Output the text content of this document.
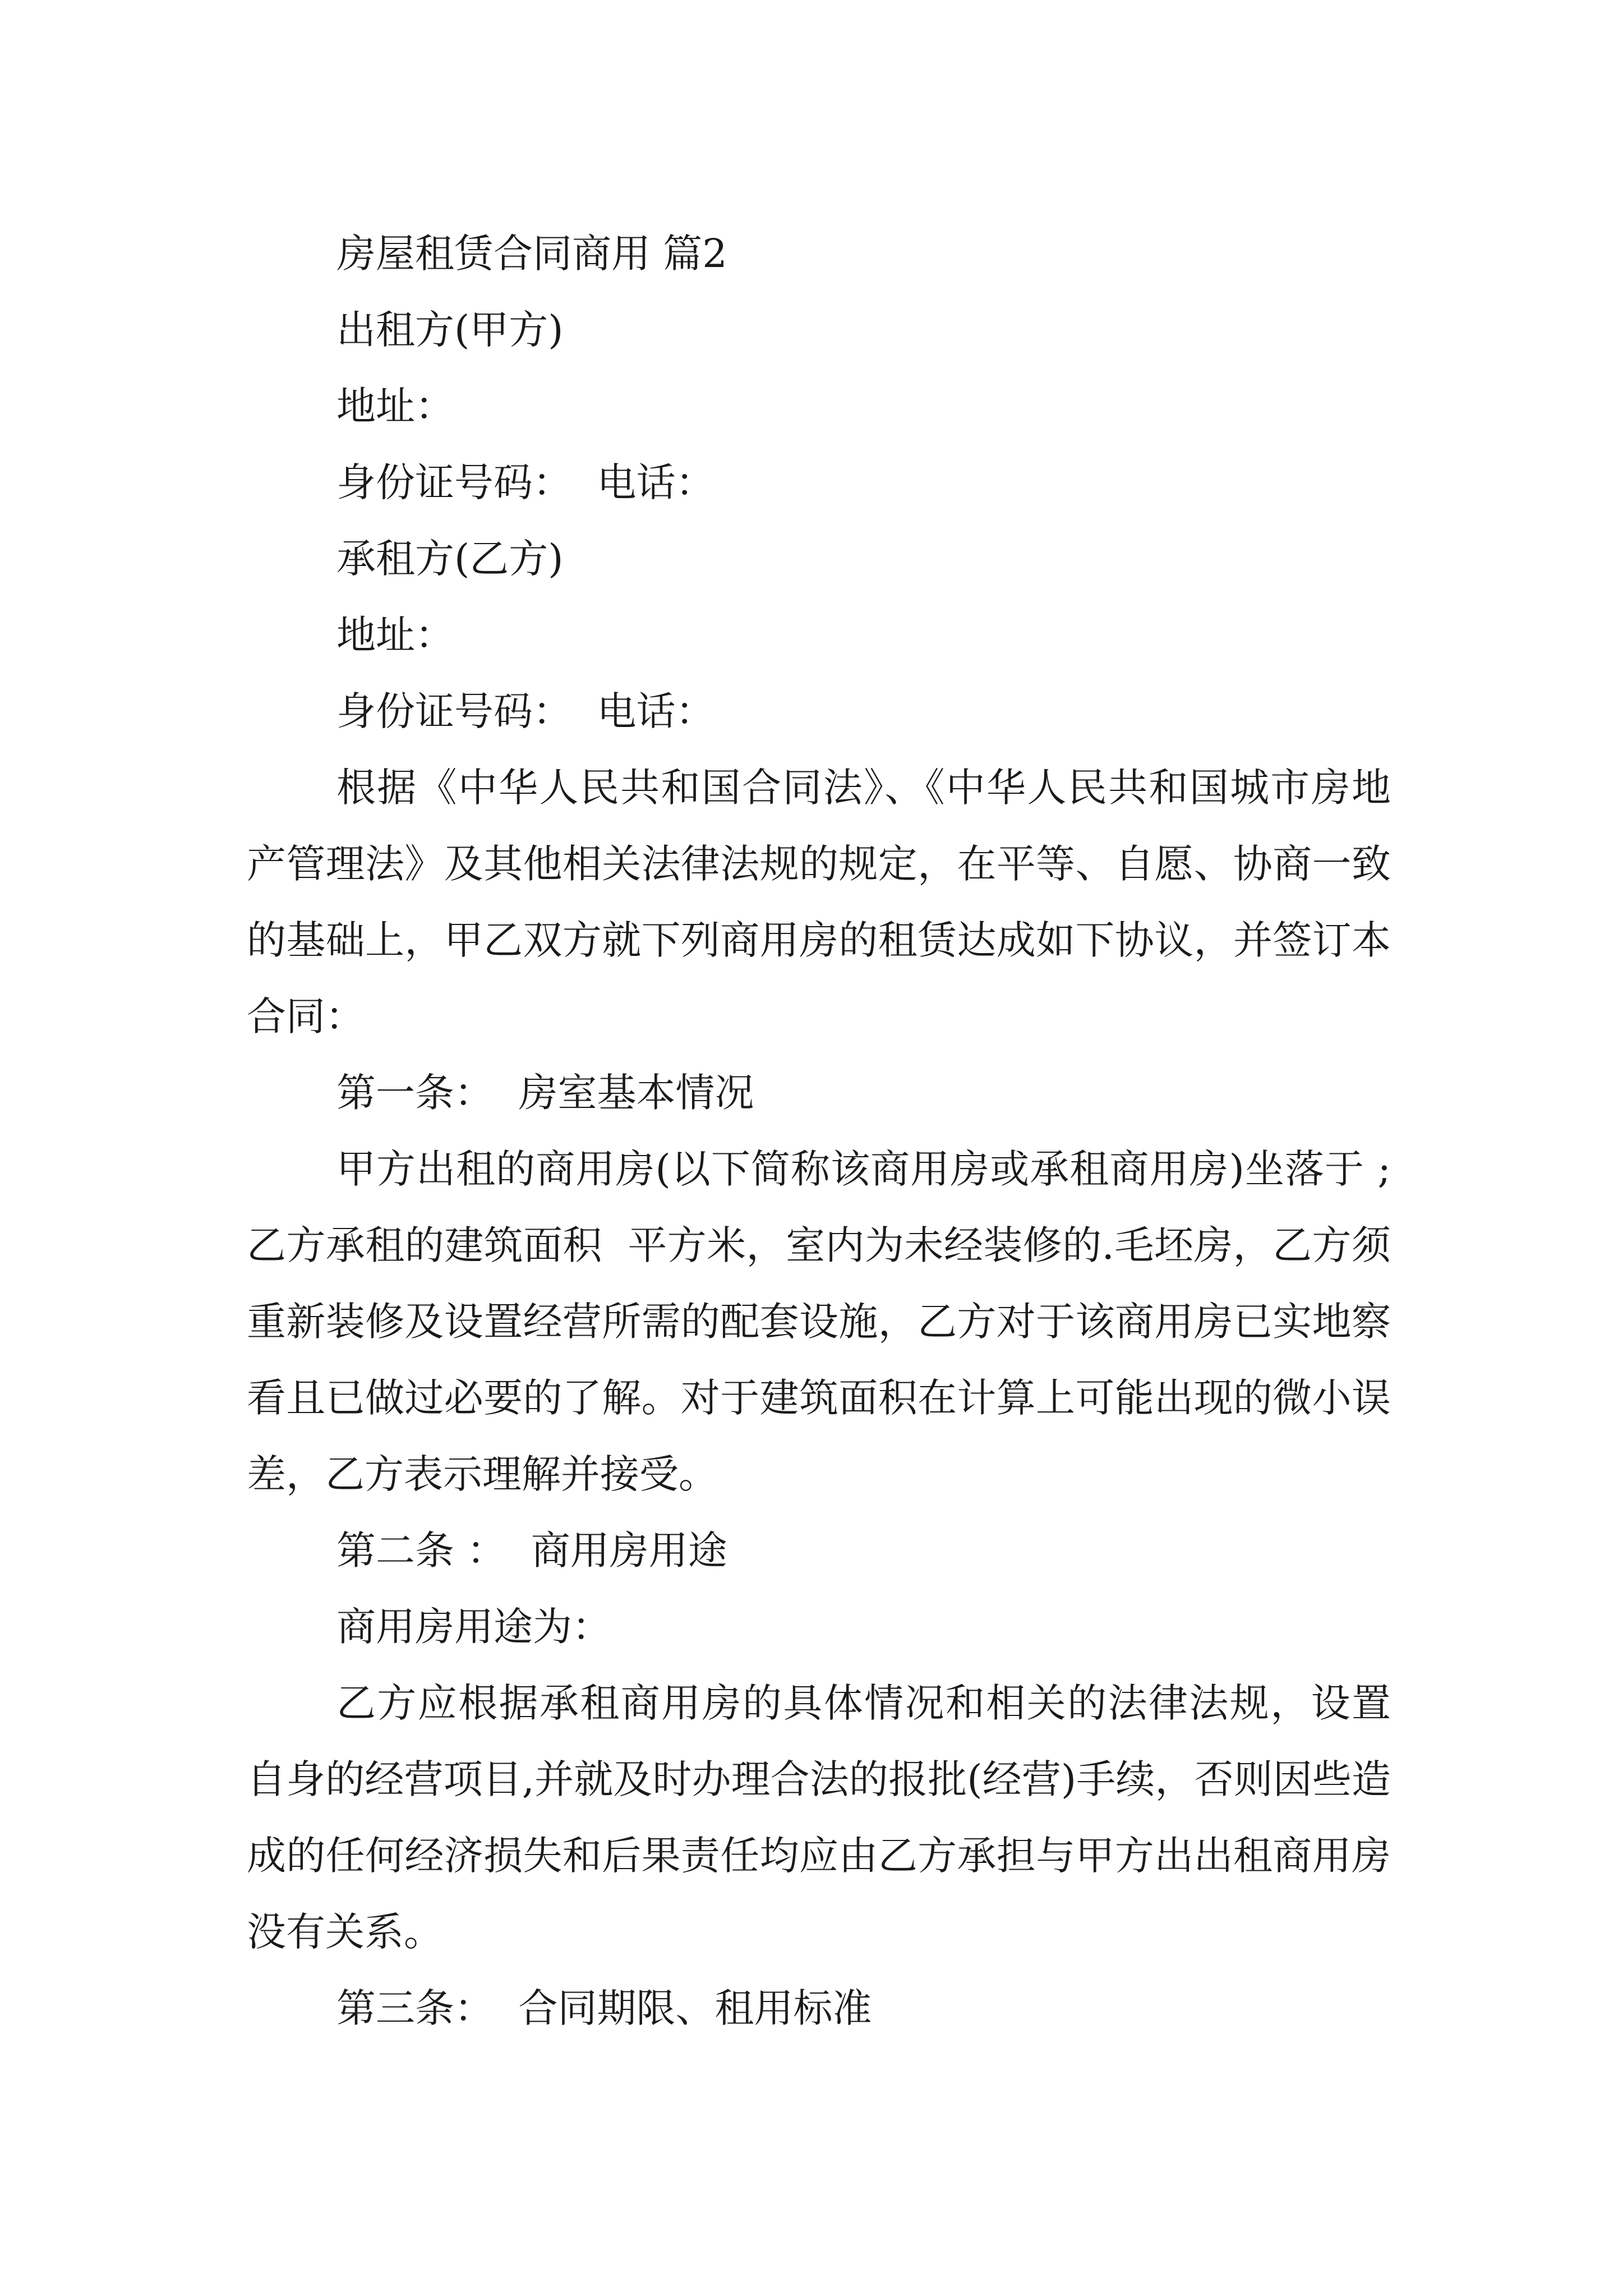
房屋租赁合同商用 篇2

出租方(甲方)

地址：

身份证号码：  电话：

承租方(乙方)

地址：

身份证号码：  电话：

根据《中华人民共和国合同法》、《中华人民共和国城市房地产管理法》及其他相关法律法规的规定，在平等、自愿、协商一致的基础上，甲乙双方就下列商用房的租赁达成如下协议，并签订本合同：

第一条：  房室基本情况

甲方出租的商用房(以下简称该商用房或承租商用房)坐落于 ;乙方承租的建筑面积  平方米，室内为未经装修的.毛坯房，乙方须重新装修及设置经营所需的配套设施，乙方对于该商用房已实地察看且已做过必要的了解。对于建筑面积在计算上可能出现的微小误差，乙方表示理解并接受。

第二条 ：  商用房用途

商用房用途为：

乙方应根据承租商用房的具体情况和相关的法律法规，设置自身的经营项目,并就及时办理合法的报批(经营)手续，否则因些造成的任何经济损失和后果责任均应由乙方承担与甲方出出租商用房没有关系。

第三条：  合同期限、租用标准
